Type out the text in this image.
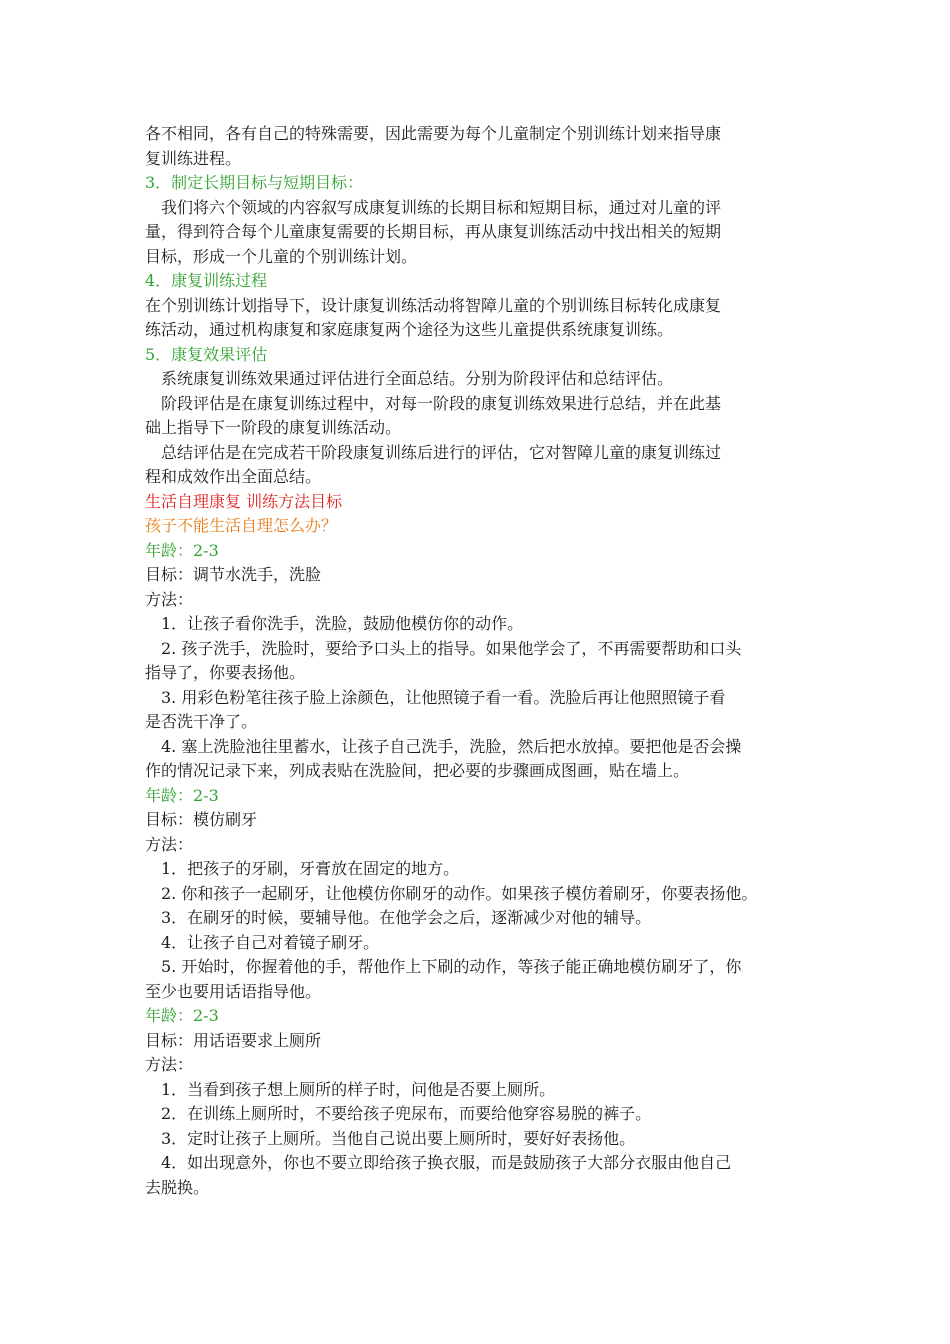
各不相同，各有自己的特殊需要，因此需要为每个儿童制定个别训练计划来指导康
复训练进程。
3．制定长期目标与短期目标：
　我们将六个领域的内容叙写成康复训练的长期目标和短期目标，通过对儿童的评
量，得到符合每个儿童康复需要的长期目标，再从康复训练活动中找出相关的短期
目标，形成一个儿童的个别训练计划。
4．康复训练过程
在个别训练计划指导下，设计康复训练活动将智障儿童的个别训练目标转化成康复
练活动，通过机构康复和家庭康复两个途径为这些儿童提供系统康复训练。
5．康复效果评估
　系统康复训练效果通过评估进行全面总结。分别为阶段评估和总结评估。
　阶段评估是在康复训练过程中，对每一阶段的康复训练效果进行总结，并在此基
础上指导下一阶段的康复训练活动。
　总结评估是在完成若干阶段康复训练后进行的评估，它对智障儿童的康复训练过
程和成效作出全面总结。
生活自理康复 训练方法目标
孩子不能生活自理怎么办？
年龄：2-3
目标：调节水洗手，洗脸
方法：
　1．让孩子看你洗手，洗脸，鼓励他模仿你的动作。
　2. 孩子洗手，洗脸时，要给予口头上的指导。如果他学会了，不再需要帮助和口头
指导了，你要表扬他。
　3. 用彩色粉笔往孩子脸上涂颜色，让他照镜子看一看。洗脸后再让他照照镜子看
是否洗干净了。
　4. 塞上洗脸池往里蓄水，让孩子自己洗手，洗脸，然后把水放掉。要把他是否会操
作的情况记录下来，列成表贴在洗脸间，把必要的步骤画成图画，贴在墙上。
年龄：2-3
目标：模仿刷牙
方法：
　1．把孩子的牙刷，牙膏放在固定的地方。
　2. 你和孩子一起刷牙，让他模仿你刷牙的动作。如果孩子模仿着刷牙，你要表扬他。
　3．在刷牙的时候，要辅导他。在他学会之后，逐渐减少对他的辅导。
　4．让孩子自己对着镜子刷牙。
　5. 开始时，你握着他的手，帮他作上下刷的动作，等孩子能正确地模仿刷牙了，你
至少也要用话语指导他。
年龄：2-3
目标：用话语要求上厕所
方法：
　1．当看到孩子想上厕所的样子时，问他是否要上厕所。
　2．在训练上厕所时，不要给孩子兜尿布，而要给他穿容易脱的裤子。
　3．定时让孩子上厕所。当他自己说出要上厕所时，要好好表扬他。
　4．如出现意外，你也不要立即给孩子换衣服，而是鼓励孩子大部分衣服由他自己
去脱换。
